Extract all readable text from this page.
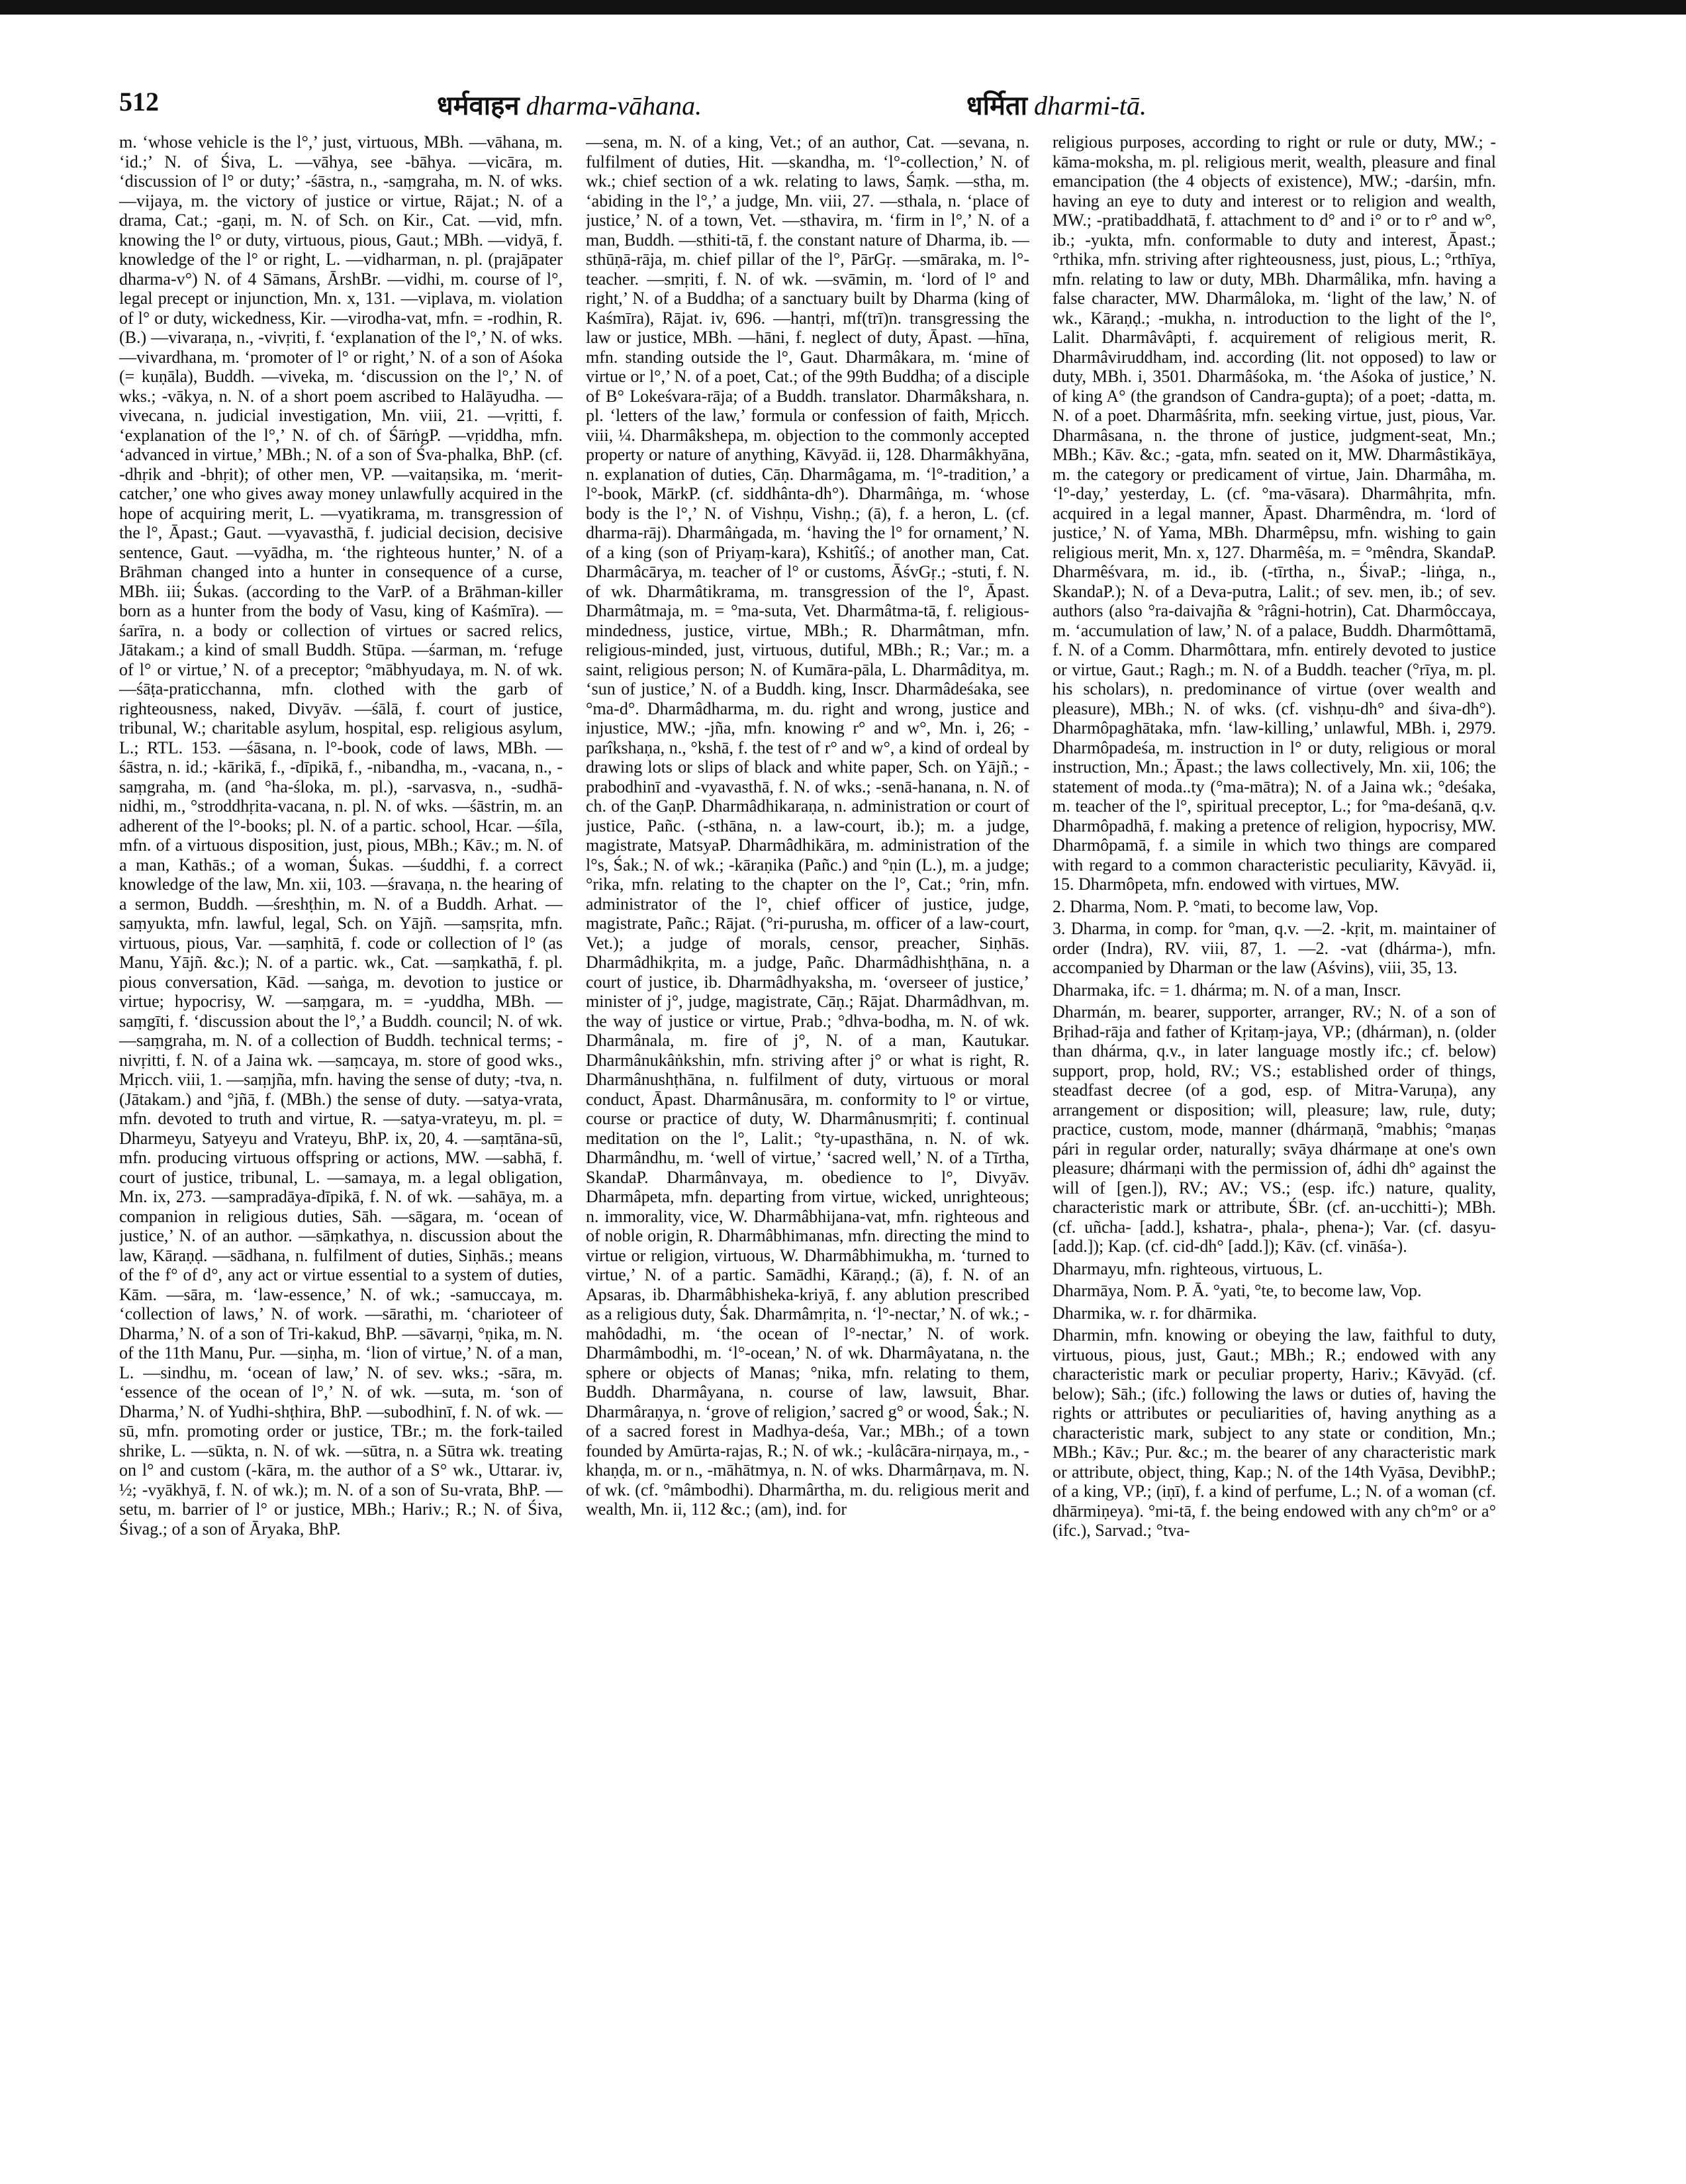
512	धर्मवाहन dharma-vāhana.	धर्मिता dharmi-tā.

m. ‘whose vehicle is the l°,’ just, virtuous, MBh. —vāhana, m. ‘id.;’ N. of Śiva, L. —vāhya, see -bāhya. —vicāra, m. ‘discussion of l° or duty;’ -śāstra, n., -saṃgraha, m. N. of wks. —vijaya, m. the victory of justice or virtue, Rājat.; N. of a drama, Cat.; -gaṇi, m. N. of Sch. on Kir., Cat. —vid, mfn. knowing the l° or duty, virtuous, pious, Gaut.; MBh. —vidyā, f. knowledge of the l° or right, L. —vidharman, n. pl. (prajāpater dharma-v°) N. of 4 Sāmans, ĀrshBr. —vidhi, m. course of l°, legal precept or injunction, Mn. x, 131. —viplava, m. violation of l° or duty, wickedness, Kir. —virodha-vat, mfn. = -rodhin, R. (B.) —vivaraṇa, n., -vivṛiti, f. ‘explanation of the l°,’ N. of wks. —vivardhana, m. ‘promoter of l° or right,’ N. of a son of Aśoka (= kuṇāla), Buddh. —viveka, m. ‘discussion on the l°,’ N. of wks.; -vākya, n. N. of a short poem ascribed to Halāyudha. —vivecana, n. judicial investigation, Mn. viii, 21. —vṛitti, f. ‘explanation of the l°,’ N. of ch. of ŚārṅgP. —vṛiddha, mfn. ‘advanced in virtue,’ MBh.; N. of a son of Śva-phalka, BhP. (cf. -dhṛik and -bhṛit); of other men, VP. —vaitaṇsika, m. ‘merit-catcher,’ one who gives away money unlawfully acquired in the hope of acquiring merit, L. —vyatikrama, m. transgression of the l°, Āpast.; Gaut. —vyavasthā, f. judicial decision, decisive sentence, Gaut. —vyādha, m. ‘the righteous hunter,’ N. of a Brāhman changed into a hunter in consequence of a curse, MBh. iii; Śukas. (according to the VarP. of a Brāhman-killer born as a hunter from the body of Vasu, king of Kaśmīra). —śarīra, n. a body or collection of virtues or sacred relics, Jātakam.; a kind of small Buddh. Stūpa. —śarman, m. ‘refuge of l° or virtue,’ N. of a preceptor; °mābhyudaya, m. N. of wk. —śāṭa-praticchanna, mfn. clothed with the garb of righteousness, naked, Divyāv. —śālā, f. court of justice, tribunal, W.; charitable asylum, hospital, esp. religious asylum, L.; RTL. 153. —śāsana, n. l°-book, code of laws, MBh. —śāstra, n. id.; -kārikā, f., -dīpikā, f., -nibandha, m., -vacana, n., -saṃgraha, m. (and °ha-śloka, m. pl.), -sarvasva, n., -sudhā-nidhi, m., °stroddhṛita-vacana, n. pl. N. of wks. —śāstrin, m. an adherent of the l°-books; pl. N. of a partic. school, Hcar. —śīla, mfn. of a virtuous disposition, just, pious, MBh.; Kāv.; m. N. of a man, Kathās.; of a woman, Śukas. —śuddhi, f. a correct knowledge of the law, Mn. xii, 103. —śravaṇa, n. the hearing of a sermon, Buddh. —śreshṭhin, m. N. of a Buddh. Arhat. —saṃyukta, mfn. lawful, legal, Sch. on Yājñ. —saṃsṛita, mfn. virtuous, pious, Var. —saṃhitā, f. code or collection of l° (as Manu, Yājñ. &c.); N. of a partic. wk., Cat. —saṃkathā, f. pl. pious conversation, Kād. —saṅga, m. devotion to justice or virtue; hypocrisy, W. —saṃgara, m. = -yuddha, MBh. —saṃgīti, f. ‘discussion about the l°,’ a Buddh. council; N. of wk. —saṃgraha, m. N. of a collection of Buddh. technical terms; -nivṛitti, f. N. of a Jaina wk. —saṃcaya, m. store of good wks., Mṛicch. viii, 1. —saṃjña, mfn. having the sense of duty; -tva, n. (Jātakam.) and °jñā, f. (MBh.) the sense of duty. —satya-vrata, mfn. devoted to truth and virtue, R. —satya-vrateyu, m. pl. = Dharmeyu, Satyeyu and Vrateyu, BhP. ix, 20, 4. —saṃtāna-sū, mfn. producing virtuous offspring or actions, MW. —sabhā, f. court of justice, tribunal, L. —samaya, m. a legal obligation, Mn. ix, 273. —sampradāya-dīpikā, f. N. of wk. —sahāya, m. a companion in religious duties, Sāh. —sāgara, m. ‘ocean of justice,’ N. of an author. —sāṃkathya, n. discussion about the law, Kāraṇḍ. —sādhana, n. fulfilment of duties, Siṇhās.; means of the f° of d°, any act or virtue essential to a system of duties, Kām. —sāra, m. ‘law-essence,’ N. of wk.; -samuccaya, m. ‘collection of laws,’ N. of work. —sārathi, m. ‘charioteer of Dharma,’ N. of a son of Tri-kakud, BhP. —sāvarṇi, °ṇika, m. N. of the 11th Manu, Pur. —siṇha, m. ‘lion of virtue,’ N. of a man, L. —sindhu, m. ‘ocean of law,’ N. of sev. wks.; -sāra, m. ‘essence of the ocean of l°,’ N. of wk. —suta, m. ‘son of Dharma,’ N. of Yudhi-shṭhira, BhP. —subodhinī, f. N. of wk. —sū, mfn. promoting order or justice, TBr.; m. the fork-tailed shrike, L. —sūkta, n. N. of wk. —sūtra, n. a Sūtra wk. treating on l° and custom (-kāra, m. the author of a S° wk., Uttarar. iv, ½; -vyākhyā, f. N. of wk.); m. N. of a son of Su-vrata, BhP. —setu, m. barrier of l° or justice, MBh.; Hariv.; R.; N. of Śiva, Śivag.; of a son of Āryaka, BhP.

—sena, m. N. of a king, Vet.; of an author, Cat. —sevana, n. fulfilment of duties, Hit. —skandha, m. ‘l°-collection,’ N. of wk.; chief section of a wk. relating to laws, Śaṃk. —stha, m. ‘abiding in the l°,’ a judge, Mn. viii, 27. —sthala, n. ‘place of justice,’ N. of a town, Vet. —sthavira, m. ‘firm in l°,’ N. of a man, Buddh. —sthiti-tā, f. the constant nature of Dharma, ib. —sthūṇā-rāja, m. chief pillar of the l°, PārGṛ. —smāraka, m. l°-teacher. —smṛiti, f. N. of wk. —svāmin, m. ‘lord of l° and right,’ N. of a Buddha; of a sanctuary built by Dharma (king of Kaśmīra), Rājat. iv, 696. —hantṛi, mf(trī)n. transgressing the law or justice, MBh. —hāni, f. neglect of duty, Āpast. —hīna, mfn. standing outside the l°, Gaut. Dharmâkara, m. ‘mine of virtue or l°,’ N. of a poet, Cat.; of the 99th Buddha; of a disciple of B° Lokeśvara-rāja; of a Buddh. translator. Dharmâkshara, n. pl. ‘letters of the law,’ formula or confession of faith, Mṛicch. viii, ¼. Dharmâkshepa, m. objection to the commonly accepted property or nature of anything, Kāvyād. ii, 128. Dharmâkhyāna, n. explanation of duties, Cāṇ. Dharmâgama, m. ‘l°-tradition,’ a l°-book, MārkP. (cf. siddhânta-dh°). Dharmâṅga, m. ‘whose body is the l°,’ N. of Vishṇu, Vishṇ.; (ā), f. a heron, L. (cf. dharma-rāj). Dharmâṅgada, m. ‘having the l° for ornament,’ N. of a king (son of Priyaṃ-kara), Kshitîś.; of another man, Cat. Dharmâcārya, m. teacher of l° or customs, ĀśvGṛ.; -stuti, f. N. of wk. Dharmâtikrama, m. transgression of the l°, Āpast. Dharmâtmaja, m. = °ma-suta, Vet. Dharmâtma-tā, f. religious-mindedness, justice, virtue, MBh.; R. Dharmâtman, mfn. religious-minded, just, virtuous, dutiful, MBh.; R.; Var.; m. a saint, religious person; N. of Kumāra-pāla, L. Dharmâditya, m. ‘sun of justice,’ N. of a Buddh. king, Inscr. Dharmâdeśaka, see °ma-d°. Dharmâdharma, m. du. right and wrong, justice and injustice, MW.; -jña, mfn. knowing r° and w°, Mn. i, 26; -parîkshaṇa, n., °kshā, f. the test of r° and w°, a kind of ordeal by drawing lots or slips of black and white paper, Sch. on Yājñ.; -prabodhinī and -vyavasthā, f. N. of wks.; -senā-hanana, n. N. of ch. of the GaṇP. Dharmâdhikaraṇa, n. administration or court of justice, Pañc. (-sthāna, n. a law-court, ib.); m. a judge, magistrate, MatsyaP. Dharmâdhikāra, m. administration of the l°s, Śak.; N. of wk.; -kāraṇika (Pañc.) and °ṇin (L.), m. a judge; °rika, mfn. relating to the chapter on the l°, Cat.; °rin, mfn. administrator of the l°, chief officer of justice, judge, magistrate, Pañc.; Rājat. (°ri-purusha, m. officer of a law-court, Vet.); a judge of morals, censor, preacher, Siṇhās. Dharmâdhikṛita, m. a judge, Pañc. Dharmâdhishṭhāna, n. a court of justice, ib. Dharmâdhyaksha, m. ‘overseer of justice,’ minister of j°, judge, magistrate, Cāṇ.; Rājat. Dharmâdhvan, m. the way of justice or virtue, Prab.; °dhva-bodha, m. N. of wk. Dharmânala, m. fire of j°, N. of a man, Kautukar. Dharmânukâṅkshin, mfn. striving after j° or what is right, R. Dharmânushṭhāna, n. fulfilment of duty, virtuous or moral conduct, Āpast. Dharmânusāra, m. conformity to l° or virtue, course or practice of duty, W. Dharmânusmṛiti; f. continual meditation on the l°, Lalit.; °ty-upasthāna, n. N. of wk. Dharmândhu, m. ‘well of virtue,’ ‘sacred well,’ N. of a Tīrtha, SkandaP. Dharmânvaya, m. obedience to l°, Divyāv. Dharmâpeta, mfn. departing from virtue, wicked, unrighteous; n. immorality, vice, W. Dharmâbhijana-vat, mfn. righteous and of noble origin, R. Dharmâbhimanas, mfn. directing the mind to virtue or religion, virtuous, W. Dharmâbhimukha, m. ‘turned to virtue,’ N. of a partic. Samādhi, Kāraṇḍ.; (ā), f. N. of an Apsaras, ib. Dharmâbhisheka-kriyā, f. any ablution prescribed as a religious duty, Śak. Dharmâmṛita, n. ‘l°-nectar,’ N. of wk.; -mahôdadhi, m. ‘the ocean of l°-nectar,’ N. of work. Dharmâmbodhi, m. ‘l°-ocean,’ N. of wk. Dharmâyatana, n. the sphere or objects of Manas; °nika, mfn. relating to them, Buddh. Dharmâyana, n. course of law, lawsuit, Bhar. Dharmâraṇya, n. ‘grove of religion,’ sacred g° or wood, Śak.; N. of a sacred forest in Madhya-deśa, Var.; MBh.; of a town founded by Amūrta-rajas, R.; N. of wk.; -kulâcāra-nirṇaya, m., -khaṇḍa, m. or n., -māhātmya, n. N. of wks. Dharmârṇava, m. N. of wk. (cf. °mâmbodhi). Dharmârtha, m. du. religious merit and wealth, Mn. ii, 112 &c.; (am), ind. for

religious purposes, according to right or rule or duty, MW.; -kāma-moksha, m. pl. religious merit, wealth, pleasure and final emancipation (the 4 objects of existence), MW.; -darśin, mfn. having an eye to duty and interest or to religion and wealth, MW.; -pratibaddhatā, f. attachment to d° and i° or to r° and w°, ib.; -yukta, mfn. conformable to duty and interest, Āpast.; °rthika, mfn. striving after righteousness, just, pious, L.; °rthīya, mfn. relating to law or duty, MBh. Dharmâlika, mfn. having a false character, MW. Dharmâloka, m. ‘light of the law,’ N. of wk., Kāraṇḍ.; -mukha, n. introduction to the light of the l°, Lalit. Dharmâvâpti, f. acquirement of religious merit, R. Dharmâviruddham, ind. according (lit. not opposed) to law or duty, MBh. i, 3501. Dharmâśoka, m. ‘the Aśoka of justice,’ N. of king A° (the grandson of Candra-gupta); of a poet; -datta, m. N. of a poet. Dharmâśrita, mfn. seeking virtue, just, pious, Var. Dharmâsana, n. the throne of justice, judgment-seat, Mn.; MBh.; Kāv. &c.; -gata, mfn. seated on it, MW. Dharmâstikāya, m. the category or predicament of virtue, Jain. Dharmâha, m. ‘l°-day,’ yesterday, L. (cf. °ma-vāsara). Dharmâhṛita, mfn. acquired in a legal manner, Āpast. Dharmêndra, m. ‘lord of justice,’ N. of Yama, MBh. Dharmêpsu, mfn. wishing to gain religious merit, Mn. x, 127. Dharmêśa, m. = °mêndra, SkandaP. Dharmêśvara, m. id., ib. (-tīrtha, n., ŚivaP.; -liṅga, n., SkandaP.); N. of a Deva-putra, Lalit.; of sev. men, ib.; of sev. authors (also °ra-daivajña & °râgni-hotrin), Cat. Dharmôccaya, m. ‘accumulation of law,’ N. of a palace, Buddh. Dharmôttamā, f. N. of a Comm. Dharmôttara, mfn. entirely devoted to justice or virtue, Gaut.; Ragh.; m. N. of a Buddh. teacher (°rīya, m. pl. his scholars), n. predominance of virtue (over wealth and pleasure), MBh.; N. of wks. (cf. vishṇu-dh° and śiva-dh°). Dharmôpaghātaka, mfn. ‘law-killing,’ unlawful, MBh. i, 2979. Dharmôpadeśa, m. instruction in l° or duty, religious or moral instruction, Mn.; Āpast.; the laws collectively, Mn. xii, 106; the statement of moda..ty (°ma-mātra); N. of a Jaina wk.; °deśaka, m. teacher of the l°, spiritual preceptor, L.; for °ma-deśanā, q.v. Dharmôpadhā, f. making a pretence of religion, hypocrisy, MW. Dharmôpamā, f. a simile in which two things are compared with regard to a common characteristic peculiarity, Kāvyād. ii, 15. Dharmôpeta, mfn. endowed with virtues, MW.

2. Dharma, Nom. P. °mati, to become law, Vop.

3. Dharma, in comp. for °man, q.v. —2. -kṛit, m. maintainer of order (Indra), RV. viii, 87, 1. —2. -vat (dhárma-), mfn. accompanied by Dharman or the law (Aśvins), viii, 35, 13.

Dharmaka, ifc. = 1. dhárma; m. N. of a man, Inscr.

Dharmán, m. bearer, supporter, arranger, RV.; N. of a son of Bṛihad-rāja and father of Kṛitaṃ-jaya, VP.; (dhárman), n. (older than dhárma, q.v., in later language mostly ifc.; cf. below) support, prop, hold, RV.; VS.; established order of things, steadfast decree (of a god, esp. of Mitra-Varuṇa), any arrangement or disposition; will, pleasure; law, rule, duty; practice, custom, mode, manner (dhármaṇā, °mabhis; °maṇas pári in regular order, naturally; svāya dhármaṇe at one's own pleasure; dhármaṇi with the permission of, ádhi dh° against the will of [gen.]), RV.; AV.; VS.; (esp. ifc.) nature, quality, characteristic mark or attribute, ŚBr. (cf. an-ucchitti-); MBh. (cf. uñcha- [add.], kshatra-, phala-, phena-); Var. (cf. dasyu- [add.]); Kap. (cf. cid-dh° [add.]); Kāv. (cf. vināśa-).

Dharmayu, mfn. righteous, virtuous, L.

Dharmāya, Nom. P. Ā. °yati, °te, to become law, Vop.

Dharmika, w. r. for dhārmika.

Dharmin, mfn. knowing or obeying the law, faithful to duty, virtuous, pious, just, Gaut.; MBh.; R.; endowed with any characteristic mark or peculiar property, Hariv.; Kāvyād. (cf. below); Sāh.; (ifc.) following the laws or duties of, having the rights or attributes or peculiarities of, having anything as a characteristic mark, subject to any state or condition, Mn.; MBh.; Kāv.; Pur. &c.; m. the bearer of any characteristic mark or attribute, object, thing, Kap.; N. of the 14th Vyāsa, DevibhP.; of a king, VP.; (iṇī), f. a kind of perfume, L.; N. of a woman (cf. dhārmiṇeya). °mi-tā, f. the being endowed with any ch°m° or a° (ifc.), Sarvad.; °tva-
